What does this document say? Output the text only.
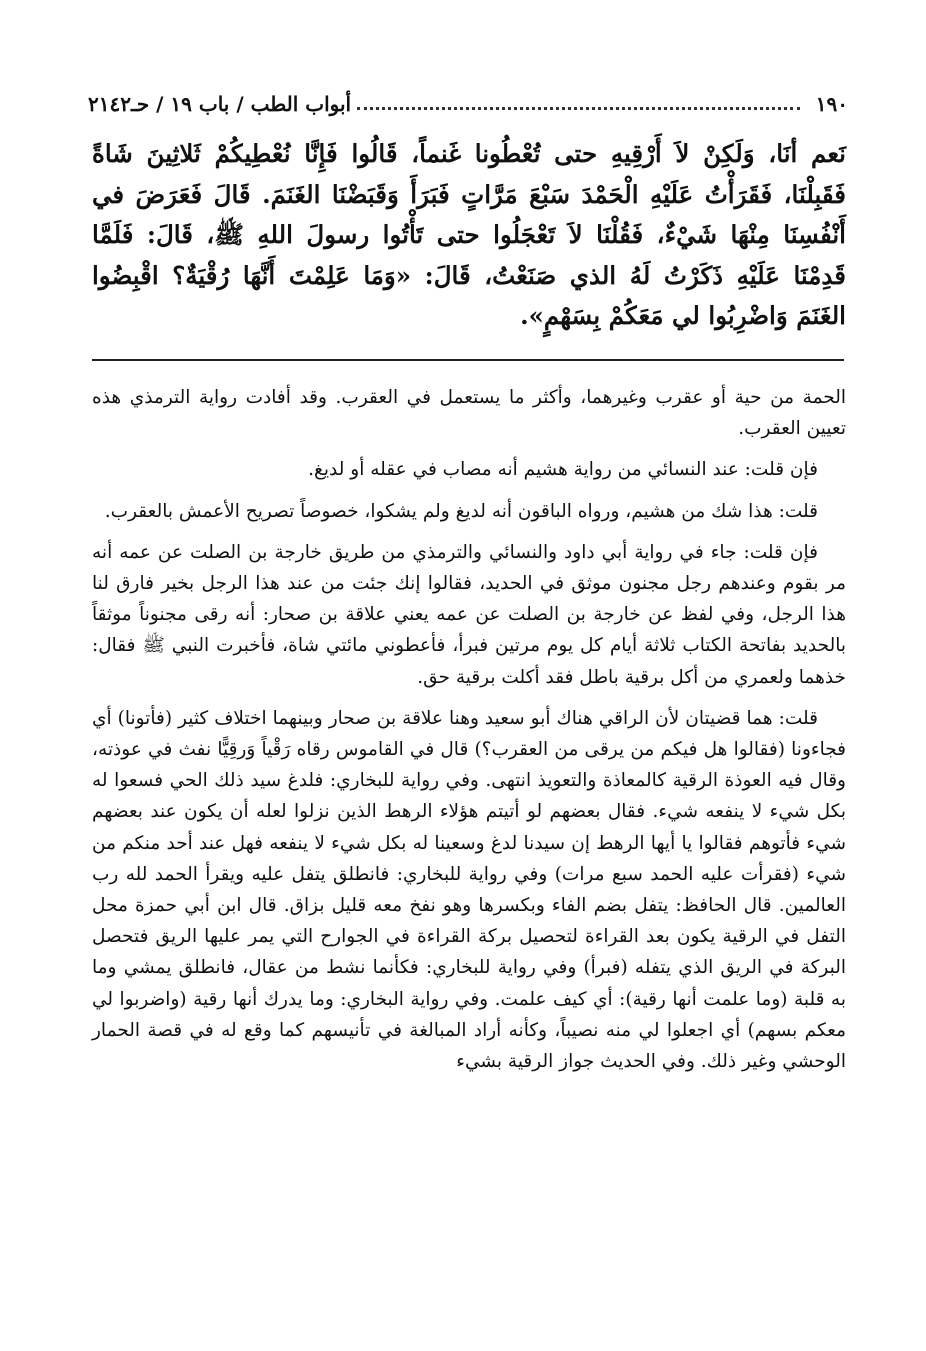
١٩٠
أبواب الطب / باب ١٩ / حـ٢١٤٢

نَعم أنَا، وَلَكِنْ لاَ أَرْقِيهِ حتى تُعْطُونا غَنماً، قَالُوا فَإِنَّا نُعْطِيكُمْ ثَلاثِينَ شَاةً فَقَبِلْنَا، فَقَرَأْتُ عَلَيْهِ الْحَمْدَ سَبْعَ مَرَّاتٍ فَبَرَأَ وَقَبَضْنَا الغَنَمَ. قَالَ فَعَرَضَ في أَنْفُسِنَا مِنْهَا شَيْءٌ، فَقُلْنَا لاَ تَعْجَلُوا حتى تَأْتُوا رسولَ اللهِ ﷺ، قَالَ: فَلَمَّا قَدِمْنَا عَلَيْهِ ذَكَرْتُ لَهُ الذي صَنَعْتُ، قَالَ: «وَمَا عَلِمْتَ أَنَّهَا رُقْيَةٌ؟ اقْبِضُوا الغَنَمَ وَاضْرِبُوا لي مَعَكُمْ بِسَهْمٍ».

الحمة من حية أو عقرب وغيرهما، وأكثر ما يستعمل في العقرب. وقد أفادت رواية الترمذي هذه تعيين العقرب.

فإن قلت: عند النسائي من رواية هشيم أنه مصاب في عقله أو لديغ.

قلت: هذا شك من هشيم، ورواه الباقون أنه لديغ ولم يشكوا، خصوصاً تصريح الأعمش بالعقرب.

فإن قلت: جاء في رواية أبي داود والنسائي والترمذي من طريق خارجة بن الصلت عن عمه أنه مر بقوم وعندهم رجل مجنون موثق في الحديد، فقالوا إنك جئت من عند هذا الرجل بخير فارق لنا هذا الرجل، وفي لفظ عن خارجة بن الصلت عن عمه يعني علاقة بن صحار: أنه رقى مجنوناً موثقاً بالحديد بفاتحة الكتاب ثلاثة أيام كل يوم مرتين فبرأ، فأعطوني مائتي شاة، فأخبرت النبي ﷺ فقال: خذهما ولعمري من أكل برقية باطل فقد أكلت برقية حق.

قلت: هما قضيتان لأن الراقي هناك أبو سعيد وهنا علاقة بن صحار وبينهما اختلاف كثير (فأتونا) أي فجاءونا (فقالوا هل فيكم من يرقى من العقرب؟) قال في القاموس رقاه رَقْياً وَرقِيًّا نفث في عوذته، وقال فيه العوذة الرقية كالمعاذة والتعويذ انتهى. وفي رواية للبخاري: فلدغ سيد ذلك الحي فسعوا له بكل شيء لا ينفعه شيء. فقال بعضهم لو أتيتم هؤلاء الرهط الذين نزلوا لعله أن يكون عند بعضهم شيء فأتوهم فقالوا يا أيها الرهط إن سيدنا لدغ وسعينا له بكل شيء لا ينفعه فهل عند أحد منكم من شيء (فقرأت عليه الحمد سبع مرات) وفي رواية للبخاري: فانطلق يتفل عليه ويقرأ الحمد لله رب العالمين. قال الحافظ: يتفل بضم الفاء وبكسرها وهو نفخ معه قليل بزاق. قال ابن أبي حمزة محل التفل في الرقية يكون بعد القراءة لتحصيل بركة القراءة في الجوارح التي يمر عليها الريق فتحصل البركة في الريق الذي يتفله (فبرأ) وفي رواية للبخاري: فكأنما نشط من عقال، فانطلق يمشي وما به قلبة (وما علمت أنها رقية): أي كيف علمت. وفي رواية البخاري: وما يدرك أنها رقية (واضربوا لي معكم بسهم) أي اجعلوا لي منه نصيباً، وكأنه أراد المبالغة في تأنيسهم كما وقع له في قصة الحمار الوحشي وغير ذلك. وفي الحديث جواز الرقية بشيء
